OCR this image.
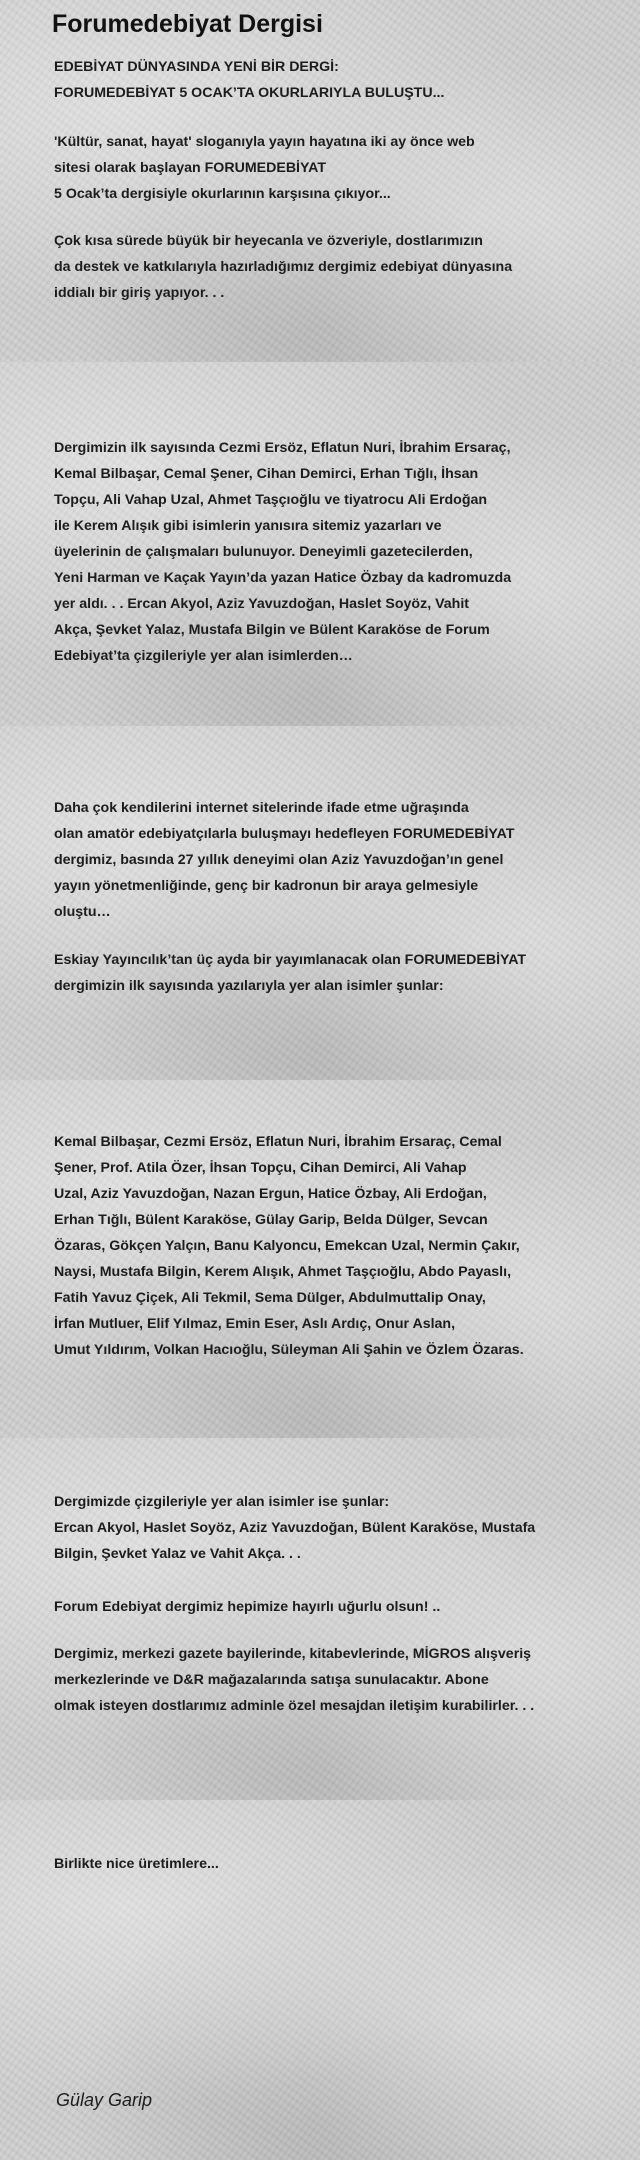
Forumedebiyat Dergisi

EDEBİYAT DÜNYASINDA YENİ BİR DERGİ:
FORUMEDEBİYAT 5 OCAK’TA OKURLARIYLA BULUŞTU...

'Kültür, sanat, hayat' sloganıyla yayın hayatına iki ay önce web
sitesi olarak başlayan FORUMEDEBİYAT
5 Ocak’ta dergisiyle okurlarının karşısına çıkıyor...

Çok kısa sürede büyük bir heyecanla ve özveriyle, dostlarımızın
da destek ve katkılarıyla hazırladığımız dergimiz edebiyat dünyasına
iddialı bir giriş yapıyor. . .

Dergimizin ilk sayısında Cezmi Ersöz, Eflatun Nuri, İbrahim Ersaraç,
Kemal Bilbaşar, Cemal Şener, Cihan Demirci, Erhan Tığlı, İhsan
Topçu, Ali Vahap Uzal, Ahmet Taşçıoğlu ve tiyatrocu Ali Erdoğan
ile Kerem Alışık gibi isimlerin yanısıra sitemiz yazarları ve
üyelerinin de çalışmaları bulunuyor. Deneyimli gazetecilerden,
Yeni Harman ve Kaçak Yayın’da yazan Hatice Özbay da kadromuzda
yer aldı. . . Ercan Akyol, Aziz Yavuzdoğan, Haslet Soyöz, Vahit
Akça, Şevket Yalaz, Mustafa Bilgin ve Bülent Karaköse de Forum
Edebiyat’ta çizgileriyle yer alan isimlerden…

Daha çok kendilerini internet sitelerinde ifade etme uğraşında
olan amatör edebiyatçılarla buluşmayı hedefleyen FORUMEDEBİYAT
dergimiz, basında 27 yıllık deneyimi olan Aziz Yavuzdoğan’ın genel
yayın yönetmenliğinde, genç bir kadronun bir araya gelmesiyle
oluştu…

Eskiay Yayıncılık’tan üç ayda bir yayımlanacak olan FORUMEDEBİYAT
dergimizin ilk sayısında yazılarıyla yer alan isimler şunlar:

Kemal Bilbaşar, Cezmi Ersöz, Eflatun Nuri, İbrahim Ersaraç, Cemal
Şener, Prof. Atila Özer, İhsan Topçu, Cihan Demirci, Ali Vahap
Uzal, Aziz Yavuzdoğan, Nazan Ergun, Hatice Özbay, Ali Erdoğan,
Erhan Tığlı, Bülent Karaköse, Gülay Garip, Belda Dülger, Sevcan
Özaras, Gökçen Yalçın, Banu Kalyoncu, Emekcan Uzal, Nermin Çakır,
Naysi, Mustafa Bilgin, Kerem Alışık, Ahmet Taşçıoğlu, Abdo Payaslı,
Fatih Yavuz Çiçek, Ali Tekmil, Sema Dülger, Abdulmuttalip Onay,
İrfan Mutluer, Elif Yılmaz, Emin Eser, Aslı Ardıç, Onur Aslan,
Umut Yıldırım, Volkan Hacıoğlu, Süleyman Ali Şahin ve Özlem Özaras.

Dergimizde çizgileriyle yer alan isimler ise şunlar:
Ercan Akyol, Haslet Soyöz, Aziz Yavuzdoğan, Bülent Karaköse, Mustafa
Bilgin, Şevket Yalaz ve Vahit Akça. . .

Forum Edebiyat dergimiz hepimize hayırlı uğurlu olsun! ..

Dergimiz, merkezi gazete bayilerinde, kitabevlerinde, MİGROS alışveriş
merkezlerinde ve D&R mağazalarında satışa sunulacaktır. Abone
olmak isteyen dostlarımız adminle özel mesajdan iletişim kurabilirler. . .

Birlikte nice üretimlere...

Gülay Garip
